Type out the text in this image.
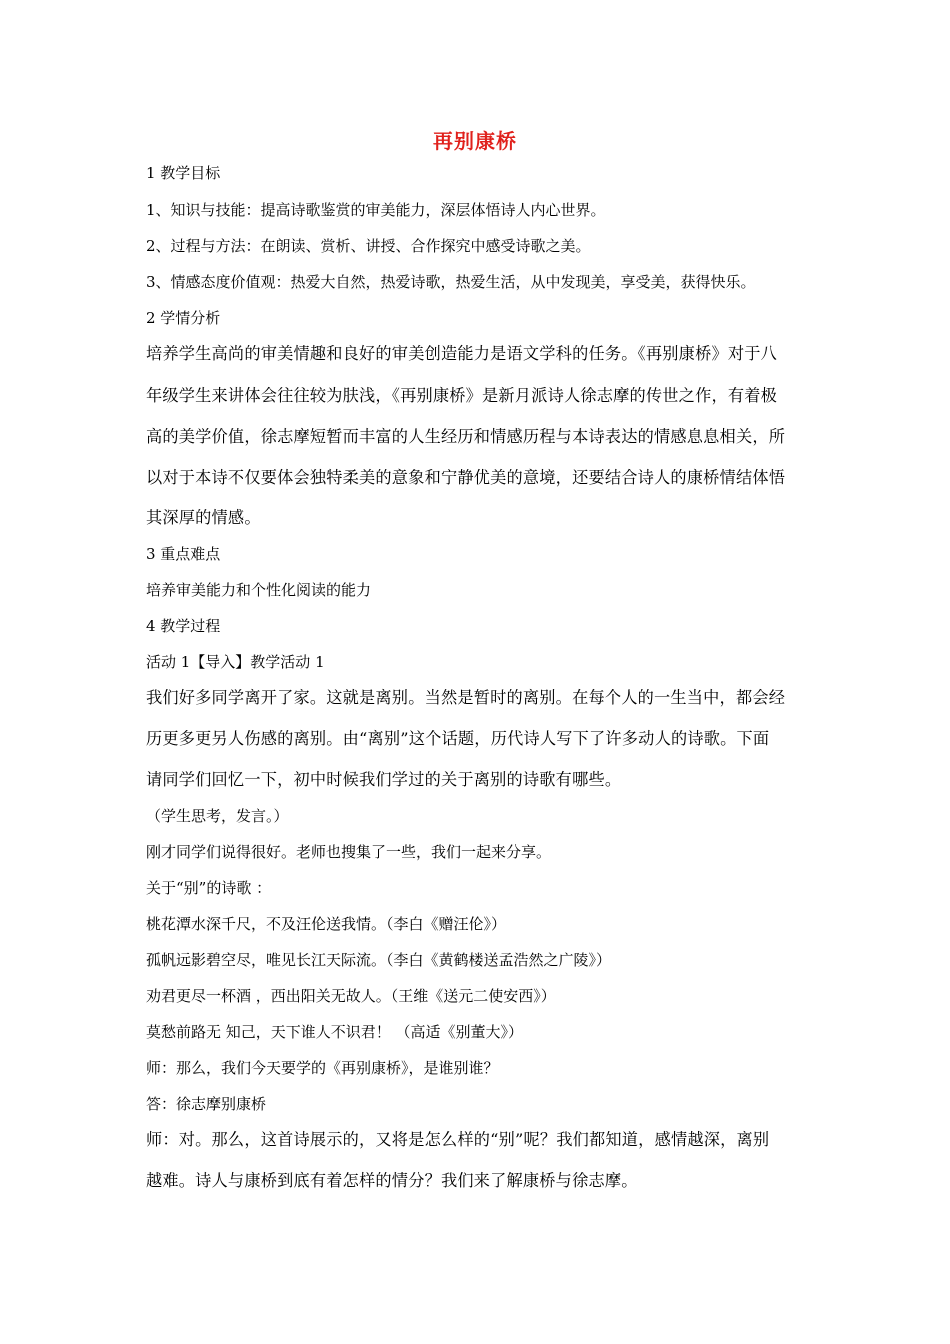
再别康桥
1 教学目标
1、知识与技能：提高诗歌鉴赏的审美能力，深层体悟诗人内心世界。
2、过程与方法：在朗读、赏析、讲授、合作探究中感受诗歌之美。
3、情感态度价值观：热爱大自然，热爱诗歌，热爱生活，从中发现美，享受美，获得快乐。
2 学情分析
培养学生高尚的审美情趣和良好的审美创造能力是语文学科的任务。《再别康桥》对于八
年级学生来讲体会往往较为肤浅，《再别康桥》是新月派诗人徐志摩的传世之作，有着极
高的美学价值，徐志摩短暂而丰富的人生经历和情感历程与本诗表达的情感息息相关，所
以对于本诗不仅要体会独特柔美的意象和宁静优美的意境，还要结合诗人的康桥情结体悟
其深厚的情感。
3 重点难点
培养审美能力和个性化阅读的能力
4 教学过程
活动 1【导入】教学活动 1
我们好多同学离开了家。这就是离别。当然是暂时的离别。在每个人的一生当中，都会经
历更多更另人伤感的离别。由“离别”这个话题，历代诗人写下了许多动人的诗歌。下面
请同学们回忆一下，初中时候我们学过的关于离别的诗歌有哪些。
（学生思考，发言。）
刚才同学们说得很好。老师也搜集了一些，我们一起来分享。
关于“别”的诗歌 ：
桃花潭水深千尺，不及汪伦送我情。（李白《赠汪伦》）
孤帆远影碧空尽，唯见长江天际流。（李白《黄鹤楼送孟浩然之广陵》）
劝君更尽一杯酒 ，西出阳关无故人。（王维《送元二使安西》）
莫愁前路无 知己，天下谁人不识君！ （高适《别董大》）
师：那么，我们今天要学的《再别康桥》，是谁别谁？
答：徐志摩别康桥
师：对。那么，这首诗展示的，又将是怎么样的“别”呢？我们都知道，感情越深，离别
越难。诗人与康桥到底有着怎样的情分？我们来了解康桥与徐志摩。
